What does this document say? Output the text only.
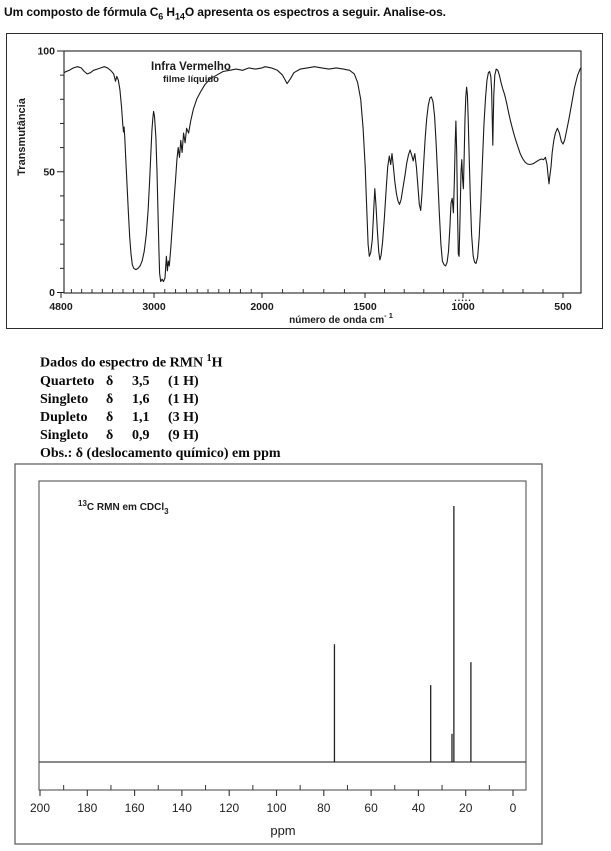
Um composto de fórmula $C_6$ $H_{14}O$ apresenta os espectros a seguir. Analise-os.
4800	3000	2000	1500	1000	500
100
50
0
Infra Vermelho
filme líquido
Transmutância
número de onda $cm^{- 1}$
.....
Dados do espectro de RMN $^1$H
Quarteto δ	3,5	(1 H)
Singleto	δ	1,6	(1 H)
Dupleto	δ	1,1	(3 H)
Singleto	δ	0,9	(9 H)
Obs.: δ (deslocamento químico) em ppm
200 180 160 140 120 100	80	60	40	20	0
$^{13}$C RMN em CDCl$_3$
ppm
